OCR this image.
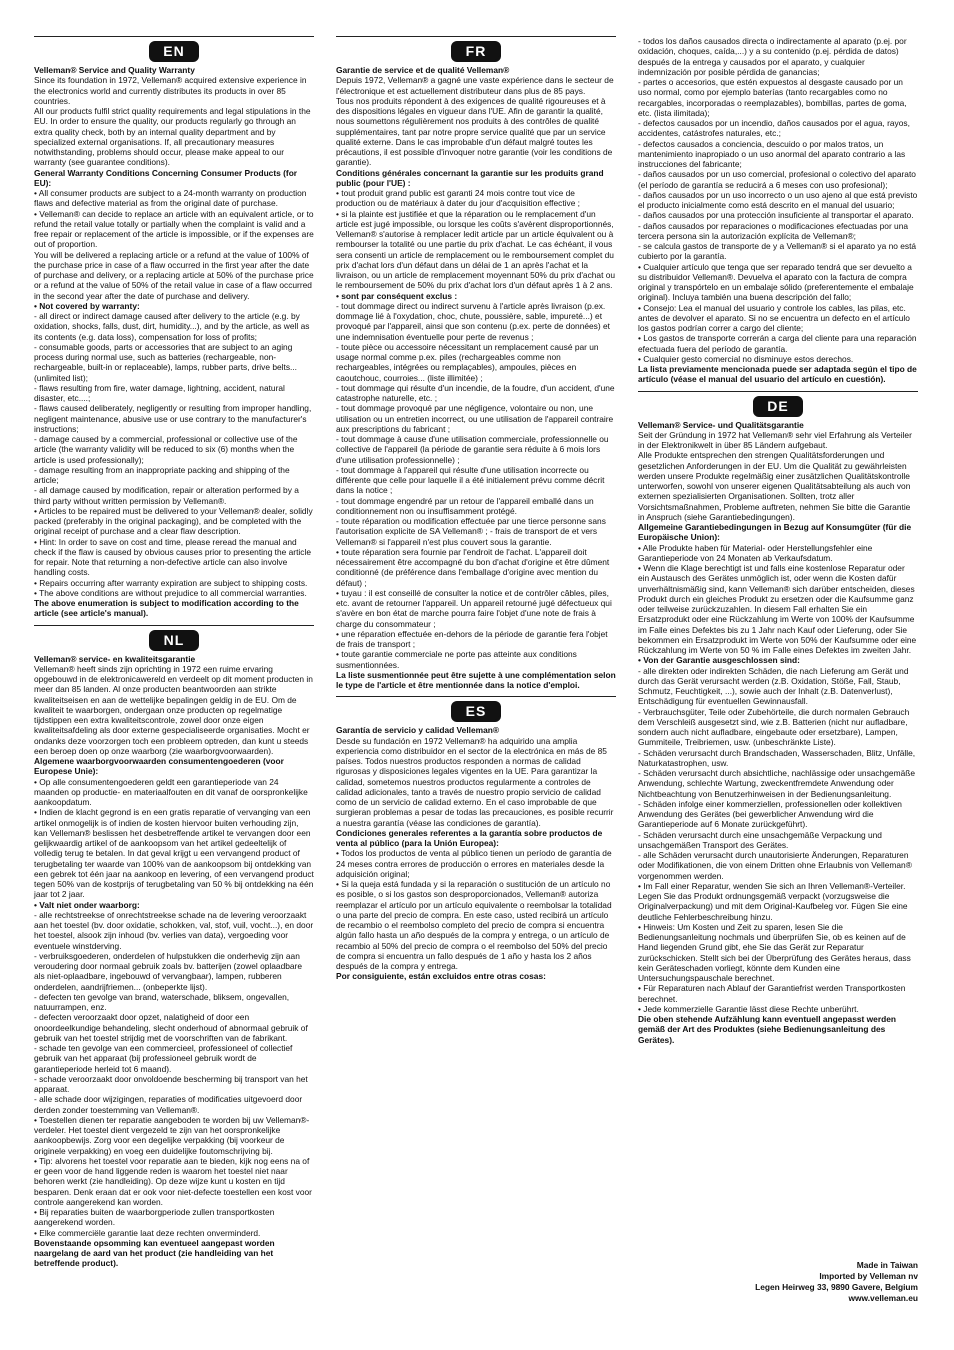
EN

Velleman® Service and Quality Warranty

Since its foundation in 1972, Velleman® acquired extensive experience in the electronics world and currently distributes its products in over 85 countries.
All our products fulfil strict quality requirements and legal stipulations in the EU. In order to ensure the quality, our products regularly go through an extra quality check, both by an internal quality department and by specialized external organisations. If, all precautionary measures notwithstanding, problems should occur, please make appeal to our warranty (see guarantee conditions).

General Warranty Conditions Concerning Consumer Products (for EU):

• All consumer products are subject to a 24-month warranty on production flaws and defective material as from the original date of purchase.
• Velleman® can decide to replace an article with an equivalent article, or to refund the retail value totally or partially when the complaint is valid and a free repair or replacement of the article is impossible, or if the expenses are out of proportion.
You will be delivered a replacing article or a refund at the value of 100% of the purchase price in case of a flaw occurred in the first year after the date of purchase and delivery, or a replacing article at 50% of the purchase price or a refund at the value of 50% of the retail value in case of a flaw occurred in the second year after the date of purchase and delivery.

• Not covered by warranty:

- all direct or indirect damage caused after delivery to the article (e.g. by oxidation, shocks, falls, dust, dirt, humidity...), and by the article, as well as its contents (e.g. data loss), compensation for loss of profits;
- consumable goods, parts or accessories that are subject to an aging process during normal use, such as batteries (rechargeable, non-rechargeable, built-in or replaceable), lamps, rubber parts, drive belts... (unlimited list);
- flaws resulting from fire, water damage, lightning, accident, natural disaster, etc....;
- flaws caused deliberately, negligently or resulting from improper handling, negligent maintenance, abusive use or use contrary to the manufacturer's instructions;
- damage caused by a commercial, professional or collective use of the article (the warranty validity will be reduced to six (6) months when the article is used professionally);
- damage resulting from an inappropriate packing and shipping of the article;
- all damage caused by modification, repair or alteration performed by a third party without written permission by Velleman®.
• Articles to be repaired must be delivered to your Velleman® dealer, solidly packed (preferably in the original packaging), and be completed with the original receipt of purchase and a clear flaw description.
• Hint: In order to save on cost and time, please reread the manual and check if the flaw is caused by obvious causes prior to presenting the article for repair. Note that returning a non-defective article can also involve handling costs.
• Repairs occurring after warranty expiration are subject to shipping costs.
• The above conditions are without prejudice to all commercial warranties.

The above enumeration is subject to modification according to the article (see article's manual).

NL

Velleman® service- en kwaliteitsgarantie

Velleman® heeft sinds zijn oprichting in 1972 een ruime ervaring opgebouwd in de elektronicawereld en verdeelt op dit moment producten in meer dan 85 landen. Al onze producten beantwoorden aan strikte kwaliteitseisen en aan de wettelijke bepalingen geldig in de EU. Om de kwaliteit te waarborgen, ondergaan onze producten op regelmatige tijdstippen een extra kwaliteitscontrole, zowel door onze eigen kwaliteitsafdeling als door externe gespecialiseerde organisaties. Mocht er ondanks deze voorzorgen toch een probleem optreden, dan kunt u steeds een beroep doen op onze waarborg (zie waarborgvoorwaarden).

Algemene waarborgvoorwaarden consumentengoederen (voor Europese Unie):

• Op alle consumentengoederen geldt een garantieperiode van 24 maanden op productie- en materiaalfouten en dit vanaf de oorspronkelijke aankoopdatum.
• Indien de klacht gegrond is en een gratis reparatie of vervanging van een artikel onmogelijk is of indien de kosten hiervoor buiten verhouding zijn, kan Velleman® beslissen het desbetreffende artikel te vervangen door een gelijkwaardig artikel of de aankoopsom van het artikel gedeeltelijk of volledig terug te betalen. In dat geval krijgt u een vervangend product of terugbetaling ter waarde van 100% van de aankoopsom bij ontdekking van een gebrek tot één jaar na aankoop en levering, of een vervangend product tegen 50% van de kostprijs of terugbetaling van 50 % bij ontdekking na één jaar tot 2 jaar.

• Valt niet onder waarborg:

- alle rechtstreekse of onrechtstreekse schade na de levering veroorzaakt aan het toestel (bv. door oxidatie, schokken, val, stof, vuil, vocht...), en door het toestel, alsook zijn inhoud (bv. verlies van data), vergoeding voor eventuele winstderving.
- verbruiksgoederen, onderdelen of hulpstukken die onderhevig zijn aan veroudering door normaal gebruik zoals bv. batterijen (zowel oplaadbare als niet-oplaadbare, ingebouwd of vervangbaar), lampen, rubberen onderdelen, aandrijfriemen... (onbeperkte lijst).
- defecten ten gevolge van brand, waterschade, bliksem, ongevallen, natuurrampen, enz.
- defecten veroorzaakt door opzet, nalatigheid of door een onoordeelkundige behandeling, slecht onderhoud of abnormaal gebruik of gebruik van het toestel strijdig met de voorschriften van de fabrikant.
- schade ten gevolge van een commercieel, professioneel of collectief gebruik van het apparaat (bij professioneel gebruik wordt de garantieperiode herleid tot 6 maand).
- schade veroorzaakt door onvoldoende bescherming bij transport van het apparaat.
- alle schade door wijzigingen, reparaties of modificaties uitgevoerd door derden zonder toestemming van Velleman®.
• Toestellen dienen ter reparatie aangeboden te worden bij uw Velleman®-verdeler. Het toestel dient vergezeld te zijn van het oorspronkelijke aankoopbewijs. Zorg voor een degelijke verpakking (bij voorkeur de originele verpakking) en voeg een duidelijke foutomschrijving bij.
• Tip: alvorens het toestel voor reparatie aan te bieden, kijk nog eens na of er geen voor de hand liggende reden is waarom het toestel niet naar behoren werkt (zie handleiding). Op deze wijze kunt u kosten en tijd besparen. Denk eraan dat er ook voor niet-defecte toestellen een kost voor controle aangerekend kan worden.
• Bij reparaties buiten de waarborgperiode zullen transportkosten aangerekend worden.
• Elke commerciële garantie laat deze rechten onverminderd.

Bovenstaande opsomming kan eventueel aangepast worden naargelang de aard van het product (zie handleiding van het betreffende product).

FR

Garantie de service et de qualité Velleman®

Depuis 1972, Velleman® a gagné une vaste expérience dans le secteur de l'électronique et est actuellement distributeur dans plus de 85 pays.
Tous nos produits répondent à des exigences de qualité rigoureuses et à des dispositions légales en vigueur dans l'UE. Afin de garantir la qualité, nous soumettons régulièrement nos produits à des contrôles de qualité supplémentaires, tant par notre propre service qualité que par un service qualité externe. Dans le cas improbable d'un défaut malgré toutes les précautions, il est possible d'invoquer notre garantie (voir les conditions de garantie).

Conditions générales concernant la garantie sur les produits grand public (pour l'UE) :

• tout produit grand public est garanti 24 mois contre tout vice de production ou de matériaux à dater du jour d'acquisition effective ;
• si la plainte est justifiée et que la réparation ou le remplacement d'un article est jugé impossible, ou lorsque les coûts s'avèrent disproportionnés, Velleman® s'autorise à remplacer ledit article par un article équivalent ou à rembourser la totalité ou une partie du prix d'achat. Le cas échéant, il vous sera consenti un article de remplacement ou le remboursement complet du prix d'achat lors d'un défaut dans un délai de 1 an après l'achat et la livraison, ou un article de remplacement moyennant 50% du prix d'achat ou le remboursement de 50% du prix d'achat lors d'un défaut après 1 à 2 ans.

• sont par conséquent exclus :

- tout dommage direct ou indirect survenu à l'article après livraison (p.ex. dommage lié à l'oxydation, choc, chute, poussière, sable, impureté...) et provoqué par l'appareil, ainsi que son contenu (p.ex. perte de données) et une indemnisation éventuelle pour perte de revenus ;
- toute pièce ou accessoire nécessitant un remplacement causé par un usage normal comme p.ex. piles (rechargeables comme non rechargeables, intégrées ou remplaçables), ampoules, pièces en caoutchouc, courroies... (liste illimitée) ;
- tout dommage qui résulte d'un incendie, de la foudre, d'un accident, d'une catastrophe naturelle, etc. ;
- tout dommage provoqué par une négligence, volontaire ou non, une utilisation ou un entretien incorrect, ou une utilisation de l'appareil contraire aux prescriptions du fabricant ;
- tout dommage à cause d'une utilisation commerciale, professionnelle ou collective de l'appareil (la période de garantie sera réduite à 6 mois lors d'une utilisation professionnelle) ;
- tout dommage à l'appareil qui résulte d'une utilisation incorrecte ou différente que celle pour laquelle il a été initialement prévu comme décrit dans la notice ;
- tout dommage engendré par un retour de l'appareil emballé dans un conditionnement non ou insuffisamment protégé.
- toute réparation ou modification effectuée par une tierce personne sans l'autorisation explicite de SA Velleman® ; - frais de transport de et vers Velleman® si l'appareil n'est plus couvert sous la garantie.
• toute réparation sera fournie par l'endroit de l'achat. L'appareil doit nécessairement être accompagné du bon d'achat d'origine et être dûment conditionné (de préférence dans l'emballage d'origine avec mention du défaut) ;
• tuyau : il est conseillé de consulter la notice et de contrôler câbles, piles, etc. avant de retourner l'appareil. Un appareil retourné jugé défectueux qui s'avère en bon état de marche pourra faire l'objet d'une note de frais à charge du consommateur ;
• une réparation effectuée en-dehors de la période de garantie fera l'objet de frais de transport ;
• toute garantie commerciale ne porte pas atteinte aux conditions susmentionnées.

La liste susmentionnée peut être sujette à une complémentation selon le type de l'article et être mentionnée dans la notice d'emploi.

ES

Garantía de servicio y calidad Velleman®

Desde su fundación en 1972 Velleman® ha adquirido una amplia experiencia como distribuidor en el sector de la electrónica en más de 85 países. Todos nuestros productos responden a normas de calidad rigurosas y disposiciones legales vigentes en la UE. Para garantizar la calidad, sometemos nuestros productos regularmente a controles de calidad adicionales, tanto a través de nuestro propio servicio de calidad como de un servicio de calidad externo. En el caso improbable de que surgieran problemas a pesar de todas las precauciones, es posible recurrir a nuestra garantía (véase las condiciones de garantía).

Condiciones generales referentes a la garantía sobre productos de venta al público (para la Unión Europea):

• Todos los productos de venta al público tienen un período de garantía de 24 meses contra errores de producción o errores en materiales desde la adquisición original;
• Si la queja está fundada y si la reparación o sustitución de un artículo no es posible, o si los gastos son desproporcionados, Velleman® autoriza reemplazar el artículo por un artículo equivalente o reembolsar la totalidad o una parte del precio de compra. En este caso, usted recibirá un artículo de recambio o el reembolso completo del precio de compra si encuentra algún fallo hasta un año después de la compra y entrega, o un artículo de recambio al 50% del precio de compra o el reembolso del 50% del precio de compra si encuentra un fallo después de 1 año y hasta los 2 años después de la compra y entrega.

Por consiguiente, están excluidos entre otras cosas:

- todos los daños causados directa o indirectamente al aparato (p.ej. por oxidación, choques, caída,...) y a su contenido (p.ej. pérdida de datos) después de la entrega y causados por el aparato, y cualquier indemnización por posible pérdida de ganancias;
- partes o accesorios, que estén expuestos al desgaste causado por un uso normal, como por ejemplo baterías (tanto recargables como no recargables, incorporadas o reemplazables), bombillas, partes de goma, etc. (lista ilimitada);
- defectos causados por un incendio, daños causados por el agua, rayos, accidentes, catástrofes naturales, etc.;
- defectos causados a conciencia, descuido o por malos tratos, un mantenimiento inapropiado o un uso anormal del aparato contrario a las instrucciones del fabricante;
- daños causados por un uso comercial, profesional o colectivo del aparato (el período de garantía se reducirá a 6 meses con uso profesional);
- daños causados por un uso incorrecto o un uso ajeno al que está previsto el producto inicialmente como está descrito en el manual del usuario;
- daños causados por una protección insuficiente al transportar el aparato.
- daños causados por reparaciones o modificaciones efectuadas por una tercera persona sin la autorización explícita de Velleman®;
- se calcula gastos de transporte de y a Velleman® si el aparato ya no está cubierto por la garantía.
• Cualquier artículo que tenga que ser reparado tendrá que ser devuelto a su distribuidor Velleman®. Devuelva el aparato con la factura de compra original y transpórtelo en un embalaje sólido (preferentemente el embalaje original). Incluya también una buena descripción del fallo;
• Consejo: Lea el manual del usuario y controle los cables, las pilas, etc. antes de devolver el aparato. Si no se encuentra un defecto en el artículo los gastos podrían correr a cargo del cliente;
• Los gastos de transporte correrán a carga del cliente para una reparación efectuada fuera del período de garantía.
• Cualquier gesto comercial no disminuye estos derechos.

La lista previamente mencionada puede ser adaptada según el tipo de artículo (véase el manual del usuario del artículo en cuestión).

DE

Velleman® Service- und Qualitätsgarantie

Seit der Gründung in 1972 hat Velleman® sehr viel Erfahrung als Verteiler in der Elektronikwelt in über 85 Ländern aufgebaut.
Alle Produkte entsprechen den strengen Qualitätsforderungen und gesetzlichen Anforderungen in der EU. Um die Qualität zu gewährleisten werden unsere Produkte regelmäßig einer zusätzlichen Qualitätskontrolle unterworfen, sowohl von unserer eigenen Qualitätsabteilung als auch von externen spezialisierten Organisationen. Sollten, trotz aller Vorsichtsmaßnahmen, Probleme auftreten, nehmen Sie bitte die Garantie in Anspruch (siehe Garantiebedingungen).

Allgemeine Garantiebedingungen in Bezug auf Konsumgüter (für die Europäische Union):

• Alle Produkte haben für Material- oder Herstellungsfehler eine Garantieperiode von 24 Monaten ab Verkaufsdatum.
• Wenn die Klage berechtigt ist und falls eine kostenlose Reparatur oder ein Austausch des Gerätes unmöglich ist, oder wenn die Kosten dafür unverhältnismäßig sind, kann Velleman® sich darüber entscheiden, dieses Produkt durch ein gleiches Produkt zu ersetzen oder die Kaufsumme ganz oder teilweise zurückzuzahlen. In diesem Fall erhalten Sie ein Ersatzprodukt oder eine Rückzahlung im Werte von 100% der Kaufsumme im Falle eines Defektes bis zu 1 Jahr nach Kauf oder Lieferung, oder Sie bekommen ein Ersatzprodukt im Werte von 50% der Kaufsumme oder eine Rückzahlung im Werte von 50 % im Falle eines Defektes im zweiten Jahr.

• Von der Garantie ausgeschlossen sind:

- alle direkten oder indirekten Schäden, die nach Lieferung am Gerät und durch das Gerät verursacht werden (z.B. Oxidation, Stöße, Fall, Staub, Schmutz, Feuchtigkeit, ...), sowie auch der Inhalt (z.B. Datenverlust), Entschädigung für eventuellen Gewinnausfall.
- Verbrauchsgüter, Teile oder Zubehörteile, die durch normalen Gebrauch dem Verschleiß ausgesetzt sind, wie z.B. Batterien (nicht nur aufladbare, sondern auch nicht aufladbare, eingebaute oder ersetzbare), Lampen, Gummiteile, Treibriemen, usw. (unbeschränkte Liste).
- Schäden verursacht durch Brandschaden, Wasserschaden, Blitz, Unfälle, Naturkatastrophen, usw.
- Schäden verursacht durch absichtliche, nachlässige oder unsachgemäße Anwendung, schlechte Wartung, zweckentfremdete Anwendung oder Nichtbeachtung von Benutzerhinweisen in der Bedienungsanleitung.
- Schäden infolge einer kommerziellen, professionellen oder kollektiven Anwendung des Gerätes (bei gewerblicher Anwendung wird die Garantieperiode auf 6 Monate zurückgeführt).
- Schäden verursacht durch eine unsachgemäße Verpackung und unsachgemäßen Transport des Gerätes.
- alle Schäden verursacht durch unautorisierte Änderungen, Reparaturen oder Modifikationen, die von einem Dritten ohne Erlaubnis von Velleman® vorgenommen werden.
• Im Fall einer Reparatur, wenden Sie sich an Ihren Velleman®-Verteiler. Legen Sie das Produkt ordnungsgemäß verpackt (vorzugsweise die Originalverpackung) und mit dem Original-Kaufbeleg vor. Fügen Sie eine deutliche Fehlerbeschreibung hinzu.
• Hinweis: Um Kosten und Zeit zu sparen, lesen Sie die Bedienungsanleitung nochmals und überprüfen Sie, ob es keinen auf de Hand liegenden Grund gibt, ehe Sie das Gerät zur Reparatur zurückschicken. Stellt sich bei der Überprüfung des Gerätes heraus, dass kein Geräteschaden vorliegt, könnte dem Kunden eine Untersuchungspauschale berechnet.
• Für Reparaturen nach Ablauf der Garantiefrist werden Transportkosten berechnet.
• Jede kommerzielle Garantie lässt diese Rechte unberührt.

Die oben stehende Aufzählung kann eventuell angepasst werden gemäß der Art des Produktes (siehe Bedienungsanleitung des Gerätes).

Made in Taiwan
Imported by Velleman nv
Legen Heirweg 33, 9890 Gavere, Belgium
www.velleman.eu
